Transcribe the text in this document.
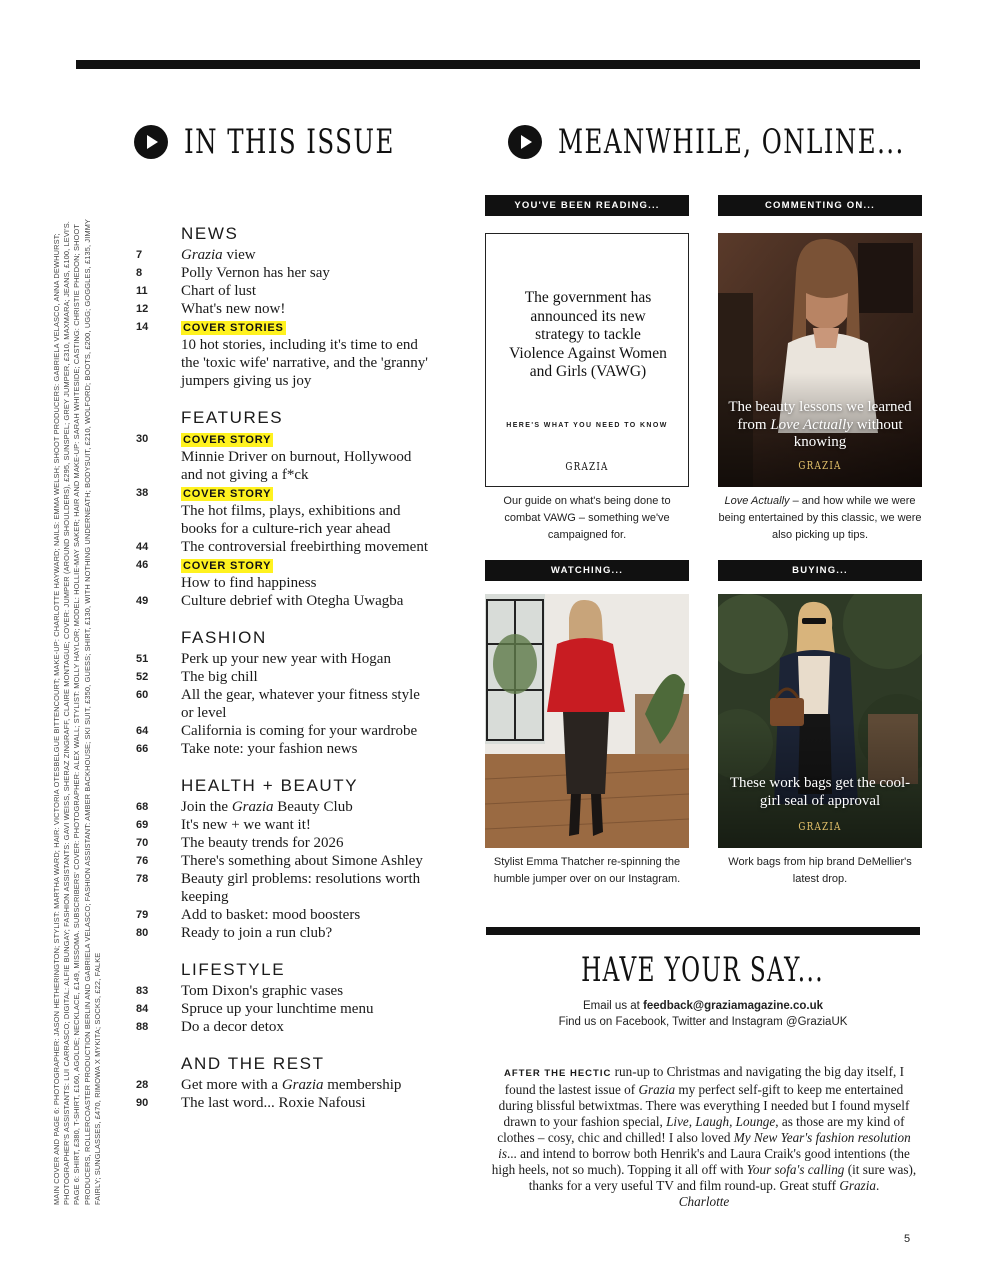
IN THIS ISSUE	MEANWHILE, ONLINE...
MAIN COVER AND PAGE 6: PHOTOGRAPHER: JASON HETHERINGTON; STYLIST: MARTHA WARD; HAIR: VICTORIA OTESBELGUE BITTENCOURT; MAKE-UP: CHARLOTTE HAYWARD; NAILS: EMMA WELSH; SHOOT PRODUCERS: GABRIELA VELASCO, ANNA DEWHURST; PHOTOGRAPHER'S ASSISTANTS: LUI CARRASCO; DIGITAL: ALFIE BUNGAY; FASHION ASSISTANTS: GAVI WEISS, SHERAZ ZINGRAFF, CLAIRE MONTAGUE; COVER: JUMPER (AROUND SHOULDERS), £295, SUNSPEL; GREY JUMPER, £310, MAXMARA; JEANS, £100, LEVI'S. PAGE 6: SHIRT, £380, T-SHIRT, £160, AGOLDE; NECKLACE, £149, MISSOMA. SUBSCRIBERS' COVER: PHOTOGRAPHER: ALEX WALL; STYLIST: MOLLY HAYLOR; MODEL: HOLLIE-MAY SAKER; HAIR AND MAKE-UP: SARAH WHITESIDE; CASTING: CHRISTIE PHEDON; SHOOT PRODUCERS, ROLLERCOASTER PRODUCTION BERLIN AND GABRIELA VELASCO; FASHION ASSISTANT: AMBER BACKHOUSE; SKI SUIT, £350, GUESS; SHIRT, £130, WITH NOTHING UNDERNEATH; BODYSUIT, £210, WOLFORD; BOOTS, £200, UGG; GOGGLES, £135, JIMMY FAIRLY; SUNGLASSES, £470, RIMOWA X MYKITA; SOCKS, £22, FALKE
NEWS
7	Grazia view
8	Polly Vernon has her say
11	Chart of lust
12	What's new now!
14	COVER STORIES
10 hot stories, including it's time to end the 'toxic wife' narrative, and the 'granny' jumpers giving us joy
FEATURES
30	COVER STORY
Minnie Driver on burnout, Hollywood and not giving a f*ck
38	COVER STORY
The hot films, plays, exhibitions and books for a culture-rich year ahead
44	The controversial freebirthing movement
46	COVER STORY
How to find happiness
49	Culture debrief with Otegha Uwagba
FASHION
51	Perk up your new year with Hogan
52	The big chill
60	All the gear, whatever your fitness style or level
64	California is coming for your wardrobe
66	Take note: your fashion news
HEALTH + BEAUTY
68	Join the Grazia Beauty Club
69	It's new + we want it!
70	The beauty trends for 2026
76	There's something about Simone Ashley
78	Beauty girl problems: resolutions worth keeping
79	Add to basket: mood boosters
80	Ready to join a run club?
LIFESTYLE
83	Tom Dixon's graphic vases
84	Spruce up your lunchtime menu
88	Do a decor detox
AND THE REST
28	Get more with a Grazia membership
90	The last word... Roxie Nafousi
YOU'VE BEEN READING...
The government has announced its new strategy to tackle Violence Against Women and Girls (VAWG)
HERE'S WHAT YOU NEED TO KNOW
GRAZIA
Our guide on what's being done to combat VAWG – something we've campaigned for.
COMMENTING ON...
The beauty lessons we learned from Love Actually without knowing
GRAZIA
Love Actually – and how while we were being entertained by this classic, we were also picking up tips.
WATCHING...
Stylist Emma Thatcher re-spinning the humble jumper over on our Instagram.
BUYING...
These work bags get the cool-girl seal of approval
GRAZIA
Work bags from hip brand DeMellier's latest drop.
HAVE YOUR SAY...
Email us at feedback@graziamagazine.co.uk
Find us on Facebook, Twitter and Instagram @GraziaUK
AFTER THE HECTIC run-up to Christmas and navigating the big day itself, I found the lastest issue of Grazia my perfect self-gift to keep me entertained during blissful betwixtmas. There was everything I needed but I found myself drawn to your fashion special, Live, Laugh, Lounge, as those are my kind of clothes – cosy, chic and chilled! I also loved My New Year's fashion resolution is... and intend to borrow both Henrik's and Laura Craik's good intentions (the high heels, not so much). Topping it all off with Your sofa's calling (it sure was), thanks for a very useful TV and film round-up. Great stuff Grazia.
Charlotte
5
